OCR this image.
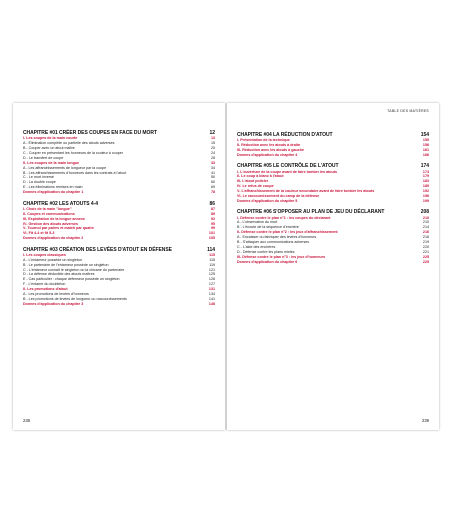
CHAPITRE #01 CRÉER DES COUPES EN FACE DU MORT	12
I- Les coupes de la main courte	13
A - Élimination complète ou partielle des atouts adverses	15
B - Couper avec un atout maître	20
C - Couper en présentant les honneurs de la couleur à couper	24
D - Le transfert de coupe	28
II- Les coupes de la main longue	33
A - Les affranchissements de longueur par la coupe	34
B - Les affranchissements d'honneurs dans les contrats à l'atout	41
C - Le mort inversé	50
D - La double coupe	60
E - Les éliminations remises en main	69
Donnes d'application du chapitre 1	78
CHAPITRE #02 LES ATOUTS 4-4	86
I- Choix de la main "longue"	87
II- Coupes et communications	89
III- Exploitation de la longue annexe	92
IV- Gestion des atouts adverses	95
V- Tournoi par paires et match par quatre	99
VI- Fit 4-4 et fit 5-3	101
Donnes d'application du chapitre 2	105
CHAPITRE #03 CRÉATION DES LEVÉES D'ATOUT EN DÉFENSE	114
I- Les coupes classiques	115
A - L'entameur possède un singleton	115
B - Le partenaire de l'entameur possède un singleton	119
C - L'entameur connaît le singleton ou la chicane du partenaire	121
D - La défense déduxible des atouts maîtres	125
E - Cas particulier : chaque défenseur possède un singleton	126
F - L'entame du doubleton	127
II- Les promotions d'atout	131
A - Les promotions de levées d'honneurs	134
B - Les promotions de levées de longueur ou raccourcissements	141
Donnes d'application du chapitre 3	146
238
TABLE DES MATIÈRES
CHAPITRE #04 LA RÉDUCTION D'ATOUT	154
I- Présentation de la technique	155
II- Réduction avec les atouts à droite	156
III- Réduction avec les atouts à gauche	161
Donnes d'application du chapitre 4	166
CHAPITRE #05 LE CONTRÔLE DE L'ATOUT	174
I- L'ouverture de la coupe avant de faire tomber les atouts	174
II- Le coup à blanc à l'atout	179
III- L'atout policier	183
IV- Le refus de coupe	189
V- L'affranchissement de la couleur secondaire avant de faire tomber les atouts	192
VI- Le raccourcissement du camp de la défense	196
Donnes d'application du chapitre 5	199
CHAPITRE #06 S'OPPOSER AU PLAN DE JEU DU DÉCLARANT	208
I- Défense contre le plan n°1 : les coupes du déclarant	210
A - L'observation du mort	210
B - L'écoute de la séquence d'enchère	214
II- Défense contre le plan n°2 : les jeux d'affranchissement	216
A - Encaisser ou fabriquer des levées d'honneurs	216
B - S'attaquer aux communications adverses	219
C - L'aide des enchères	220
D - Défense contre les plans mixtes	221
III- Défense contre le plan n°3 : les jeux d'honneurs	225
Donnes d'application du chapitre 6	229
239
